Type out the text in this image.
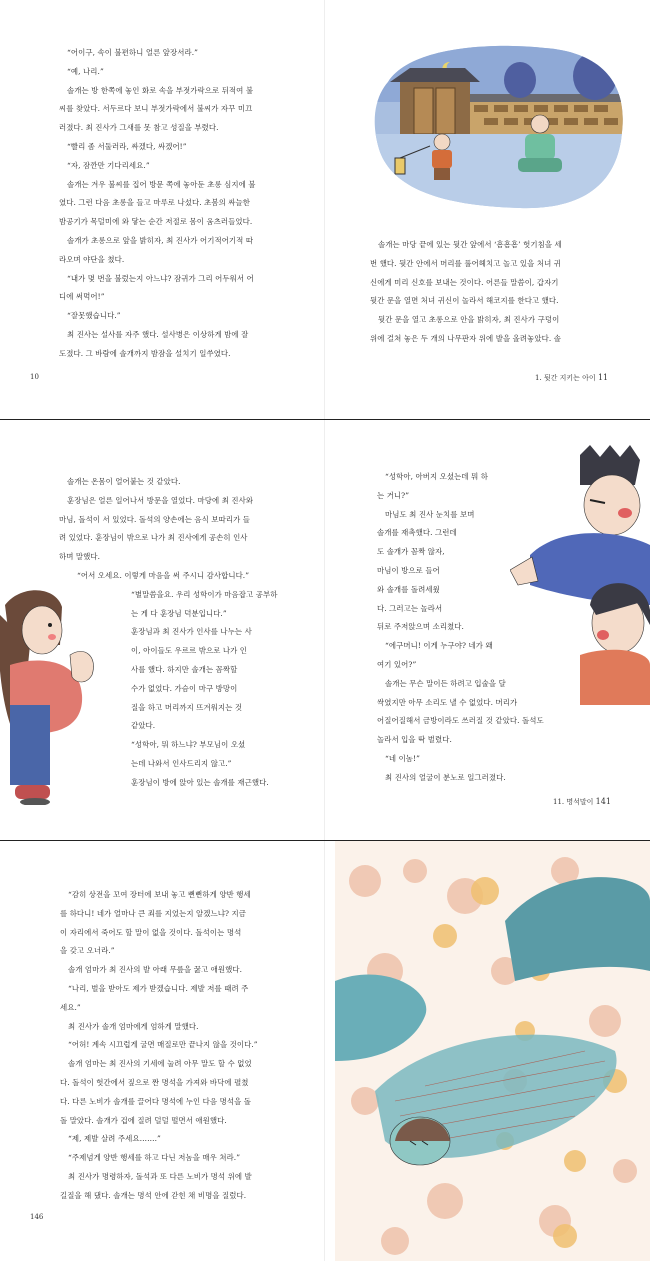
“어이구, 속이 불편하니 얼른 앞장서라.”

“예, 나리.”

솔개는 방 한쪽에 놓인 화로 속을 부젓가락으로 뒤적여 불

씨를 찾았다. 서두르다 보니 부젓가락에서 불씨가 자꾸 미끄

러졌다. 최 진사가 그새를 못 참고 성질을 부렸다.

“빨리 좀 서둘러라, 싸겠다, 싸겠어!”

“자, 잠깐만 기다리세요.”

솔개는 겨우 불씨를 집어 방문 쪽에 놓아둔 초롱 심지에 불

였다. 그런 다음 초롱을 들고 마루로 나섰다. 초봄의 싸늘한

밤공기가 목덜미에 와 닿는 순간 저절로 몸이 움츠러들었다.

솔개가 초롱으로 앞을 밝히자, 최 진사가 어기적어기적 따

라오며 야단을 쳤다.

“내가 몇 번을 불렀는지 아느냐? 잠귀가 그리 어두워서 어

디에 써먹어!”

“잘못했습니다.”

최 진사는 설사를 자주 했다. 설사병은 이상하게 밤에 잘

도졌다. 그 바람에 솔개까지 밤잠을 설치기 일쑤였다.

10

솔개는 마당 끝에 있는 뒷간 앞에서 ‘흠흠흠’ 헛기침을 세

번 했다. 뒷간 안에서 머리를 풀어헤치고 놀고 있을 처녀 귀

신에게 미리 신호를 보내는 것이다. 어른들 말씀이, 갑자기

뒷간 문을 열면 처녀 귀신이 놀라서 해코지를 한다고 했다.

뒷간 문을 열고 초롱으로 안을 밝히자, 최 진사가 구덩이

위에 걸쳐 놓은 두 개의 나무판자 위에 발을 올려놓았다. 솔

1. 뒷간 지키는 아이 11

솔개는 온몸이 얼어붙는 것 같았다.

훈장님은 얼른 일어나서 방문을 열었다. 마당에 최 진사와

마님, 돌석이 서 있었다. 돌석의 양손에는 음식 보따리가 들

려 있었다. 훈장님이 밖으로 나가 최 진사에게 공손히 인사

하며 말했다.

“어서 오세요. 이렇게 마음을 써 주시니 감사합니다.”

“별말씀을요. 우리 성학이가 마음잡고 공부하

는 게 다 훈장님 덕분입니다.”

훈장님과 최 진사가 인사를 나누는 사

이, 아이들도 우르르 밖으로 나가 인

사를 했다. 하지만 솔개는 꼼짝할

수가 없었다. 가슴이 마구 방망이

질을 하고 머리까지 뜨겨워지는 것

같았다.

“성학아, 뭐 하느냐? 부모님이 오셨

는데 나와서 인사드리지 않고.”

훈장님이 방에 앉아 있는 솔개를 재근했다.

“성학아, 아버지 오셨는데 뭐 하

는 거니?”

마님도 최 진사 눈치를 보며

솔개를 재촉했다. 그런데

도 솔개가 꼼짝 않자,

마님이 방으로 들어

와 솔개를 돌려세웠

다. 그러고는 놀라서

뒤로 주저앉으며 소리쳤다.

“에구머니! 이게 누구야? 네가 왜

여기 있어?”

솔개는 무슨 말이든 하려고 입술을 달

싹였지만 아무 소리도 낼 수 없었다. 머리가

어질어질해서 금방이라도 쓰러질 것 같았다. 돌석도

놀라서 입을 딱 벌렸다.

“네 이놈!”

최 진사의 얼굴이 분노로 일그러졌다.

11. 명석말이 141

“감히 상전을 꼬여 장터에 보내 놓고 뻔뻔하게 양반 행세

를 하다니! 네가 얼마나 큰 죄를 지었는지 알겠느냐? 지금

이 자리에서 죽어도 할 말이 없을 것이다. 돌석이는 명석

을 갖고 오너라.”

솔개 엄마가 최 진사의 발 아래 무릎을 꿇고 애원했다.

“나리, 벌을 받아도 제가 받겠습니다. 제발 저를 때려 주

세요.”

최 진사가 솔개 엄마에게 엄하게 말했다.

“어허! 계속 시끄럽게 굴면 매질로만 끝나지 않을 것이다.”

솔개 엄마는 최 진사의 기세에 눌려 아무 말도 할 수 없었

다. 돌석이 헛간에서 짚으로 짠 명석을 가져와 바닥에 펼쳤

다. 다른 노비가 솔개를 끌어다 명석에 누인 다음 명석을 돌

돌 말았다. 솔개가 겁에 질려 덜덜 떨면서 애원했다.

“제, 제발 살려 주세요…….”

“주제넘게 양반 행세를 하고 다닌 저놈을 매우 쳐라.”

최 진사가 명령하자, 돌석과 또 다른 노비가 명석 위에 발

길질을 해 댔다. 솔개는 명석 안에 갇힌 채 비명을 질렀다.

146
